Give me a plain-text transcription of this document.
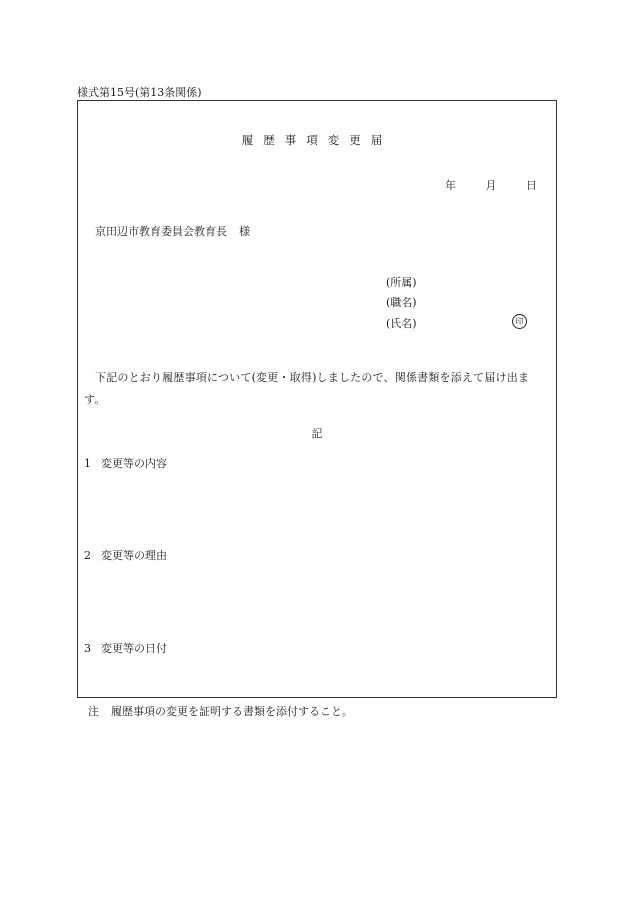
様式第15号(第13条関係)
履歴事項変更届
年	月	日
京田辺市教育委員会教育長 様
(所属)
(職名)
(氏名)	印
下記のとおり履歴事項について(変更・取得)しましたので、関係書類を添えて届け出ます。
記
1 変更等の内容
2 変更等の理由
3 変更等の日付
注 履歴事項の変更を証明する書類を添付すること。
